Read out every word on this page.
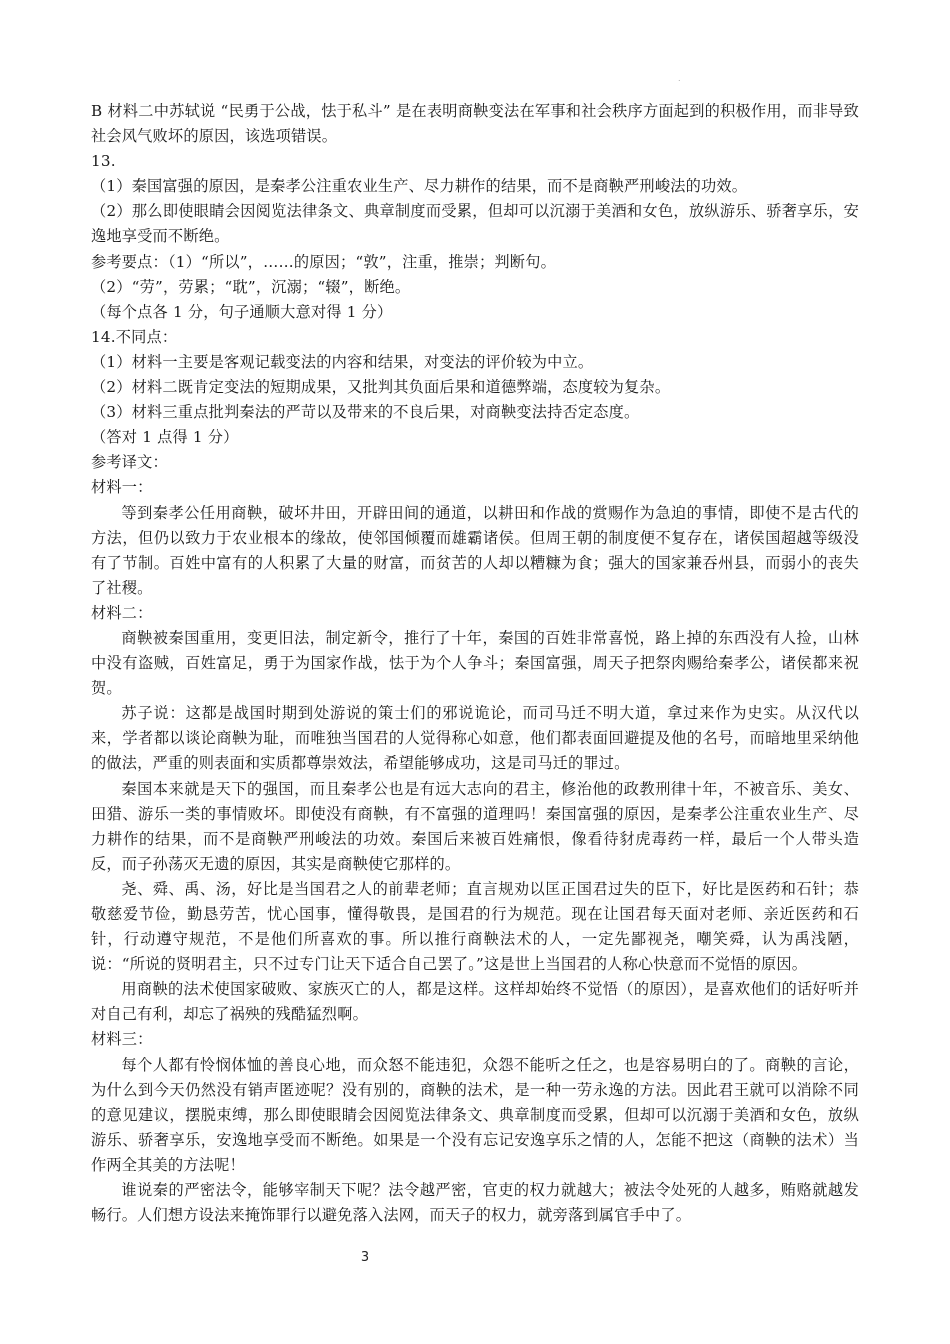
.

B 材料二中苏轼说 “民勇于公战，怯于私斗” 是在表明商鞅变法在军事和社会秩序方面起到的积极作用，而非导致社会风气败坏的原因，该选项错误。

13.

（1）秦国富强的原因，是秦孝公注重农业生产、尽力耕作的结果，而不是商鞅严刑峻法的功效。

（2）那么即使眼睛会因阅览法律条文、典章制度而受累，但却可以沉溺于美酒和女色，放纵游乐、骄奢享乐，安逸地享受而不断绝。

参考要点：（1）“所以”，……的原因；“敦”，注重，推崇；判断句。

（2）“劳”，劳累；“耽”，沉溺；“辍”，断绝。

（每个点各 1 分，句子通顺大意对得 1 分）

14.不同点：

（1）材料一主要是客观记载变法的内容和结果，对变法的评价较为中立。

（2）材料二既肯定变法的短期成果，又批判其负面后果和道德弊端，态度较为复杂。

（3）材料三重点批判秦法的严苛以及带来的不良后果，对商鞅变法持否定态度。

（答对 1 点得 1 分）

参考译文：

材料一：

等到秦孝公任用商鞅，破坏井田，开辟田间的通道，以耕田和作战的赏赐作为急迫的事情，即使不是古代的方法，但仍以致力于农业根本的缘故，使邻国倾覆而雄霸诸侯。但周王朝的制度便不复存在，诸侯国超越等级没有了节制。百姓中富有的人积累了大量的财富，而贫苦的人却以糟糠为食；强大的国家兼吞州县，而弱小的丧失了社稷。

材料二：

商鞅被秦国重用，变更旧法，制定新令，推行了十年，秦国的百姓非常喜悦，路上掉的东西没有人捡，山林中没有盗贼，百姓富足，勇于为国家作战，怯于为个人争斗；秦国富强，周天子把祭肉赐给秦孝公，诸侯都来祝贺。

苏子说：这都是战国时期到处游说的策士们的邪说诡论，而司马迁不明大道，拿过来作为史实。从汉代以来，学者都以谈论商鞅为耻，而唯独当国君的人觉得称心如意，他们都表面回避提及他的名号，而暗地里采纳他的做法，严重的则表面和实质都尊崇效法，希望能够成功，这是司马迁的罪过。

秦国本来就是天下的强国，而且秦孝公也是有远大志向的君主，修治他的政教刑律十年，不被音乐、美女、田猎、游乐一类的事情败坏。即使没有商鞅，有不富强的道理吗！秦国富强的原因，是秦孝公注重农业生产、尽力耕作的结果，而不是商鞅严刑峻法的功效。秦国后来被百姓痛恨，像看待豺虎毒药一样，最后一个人带头造反，而子孙荡灭无遗的原因，其实是商鞅使它那样的。

尧、舜、禹、汤，好比是当国君之人的前辈老师；直言规劝以匡正国君过失的臣下，好比是医药和石针；恭敬慈爱节俭，勤恳劳苦，忧心国事，懂得敬畏，是国君的行为规范。现在让国君每天面对老师、亲近医药和石针，行动遵守规范，不是他们所喜欢的事。所以推行商鞅法术的人，一定先鄙视尧，嘲笑舜，认为禹浅陋，说：“所说的贤明君主，只不过专门让天下适合自己罢了。”这是世上当国君的人称心快意而不觉悟的原因。

用商鞅的法术使国家破败、家族灭亡的人，都是这样。这样却始终不觉悟（的原因），是喜欢他们的话好听并对自己有利，却忘了祸殃的残酷猛烈啊。

材料三：

每个人都有怜悯体恤的善良心地，而众怒不能违犯，众怨不能听之任之，也是容易明白的了。商鞅的言论，为什么到今天仍然没有销声匿迹呢？没有别的，商鞅的法术，是一种一劳永逸的方法。因此君王就可以消除不同的意见建议，摆脱束缚，那么即使眼睛会因阅览法律条文、典章制度而受累，但却可以沉溺于美酒和女色，放纵游乐、骄奢享乐，安逸地享受而不断绝。如果是一个没有忘记安逸享乐之情的人，怎能不把这（商鞅的法术）当作两全其美的方法呢！

谁说秦的严密法令，能够宰制天下呢？法令越严密，官吏的权力就越大；被法令处死的人越多，贿赂就越发畅行。人们想方设法来掩饰罪行以避免落入法网，而天子的权力，就旁落到属官手中了。

3
